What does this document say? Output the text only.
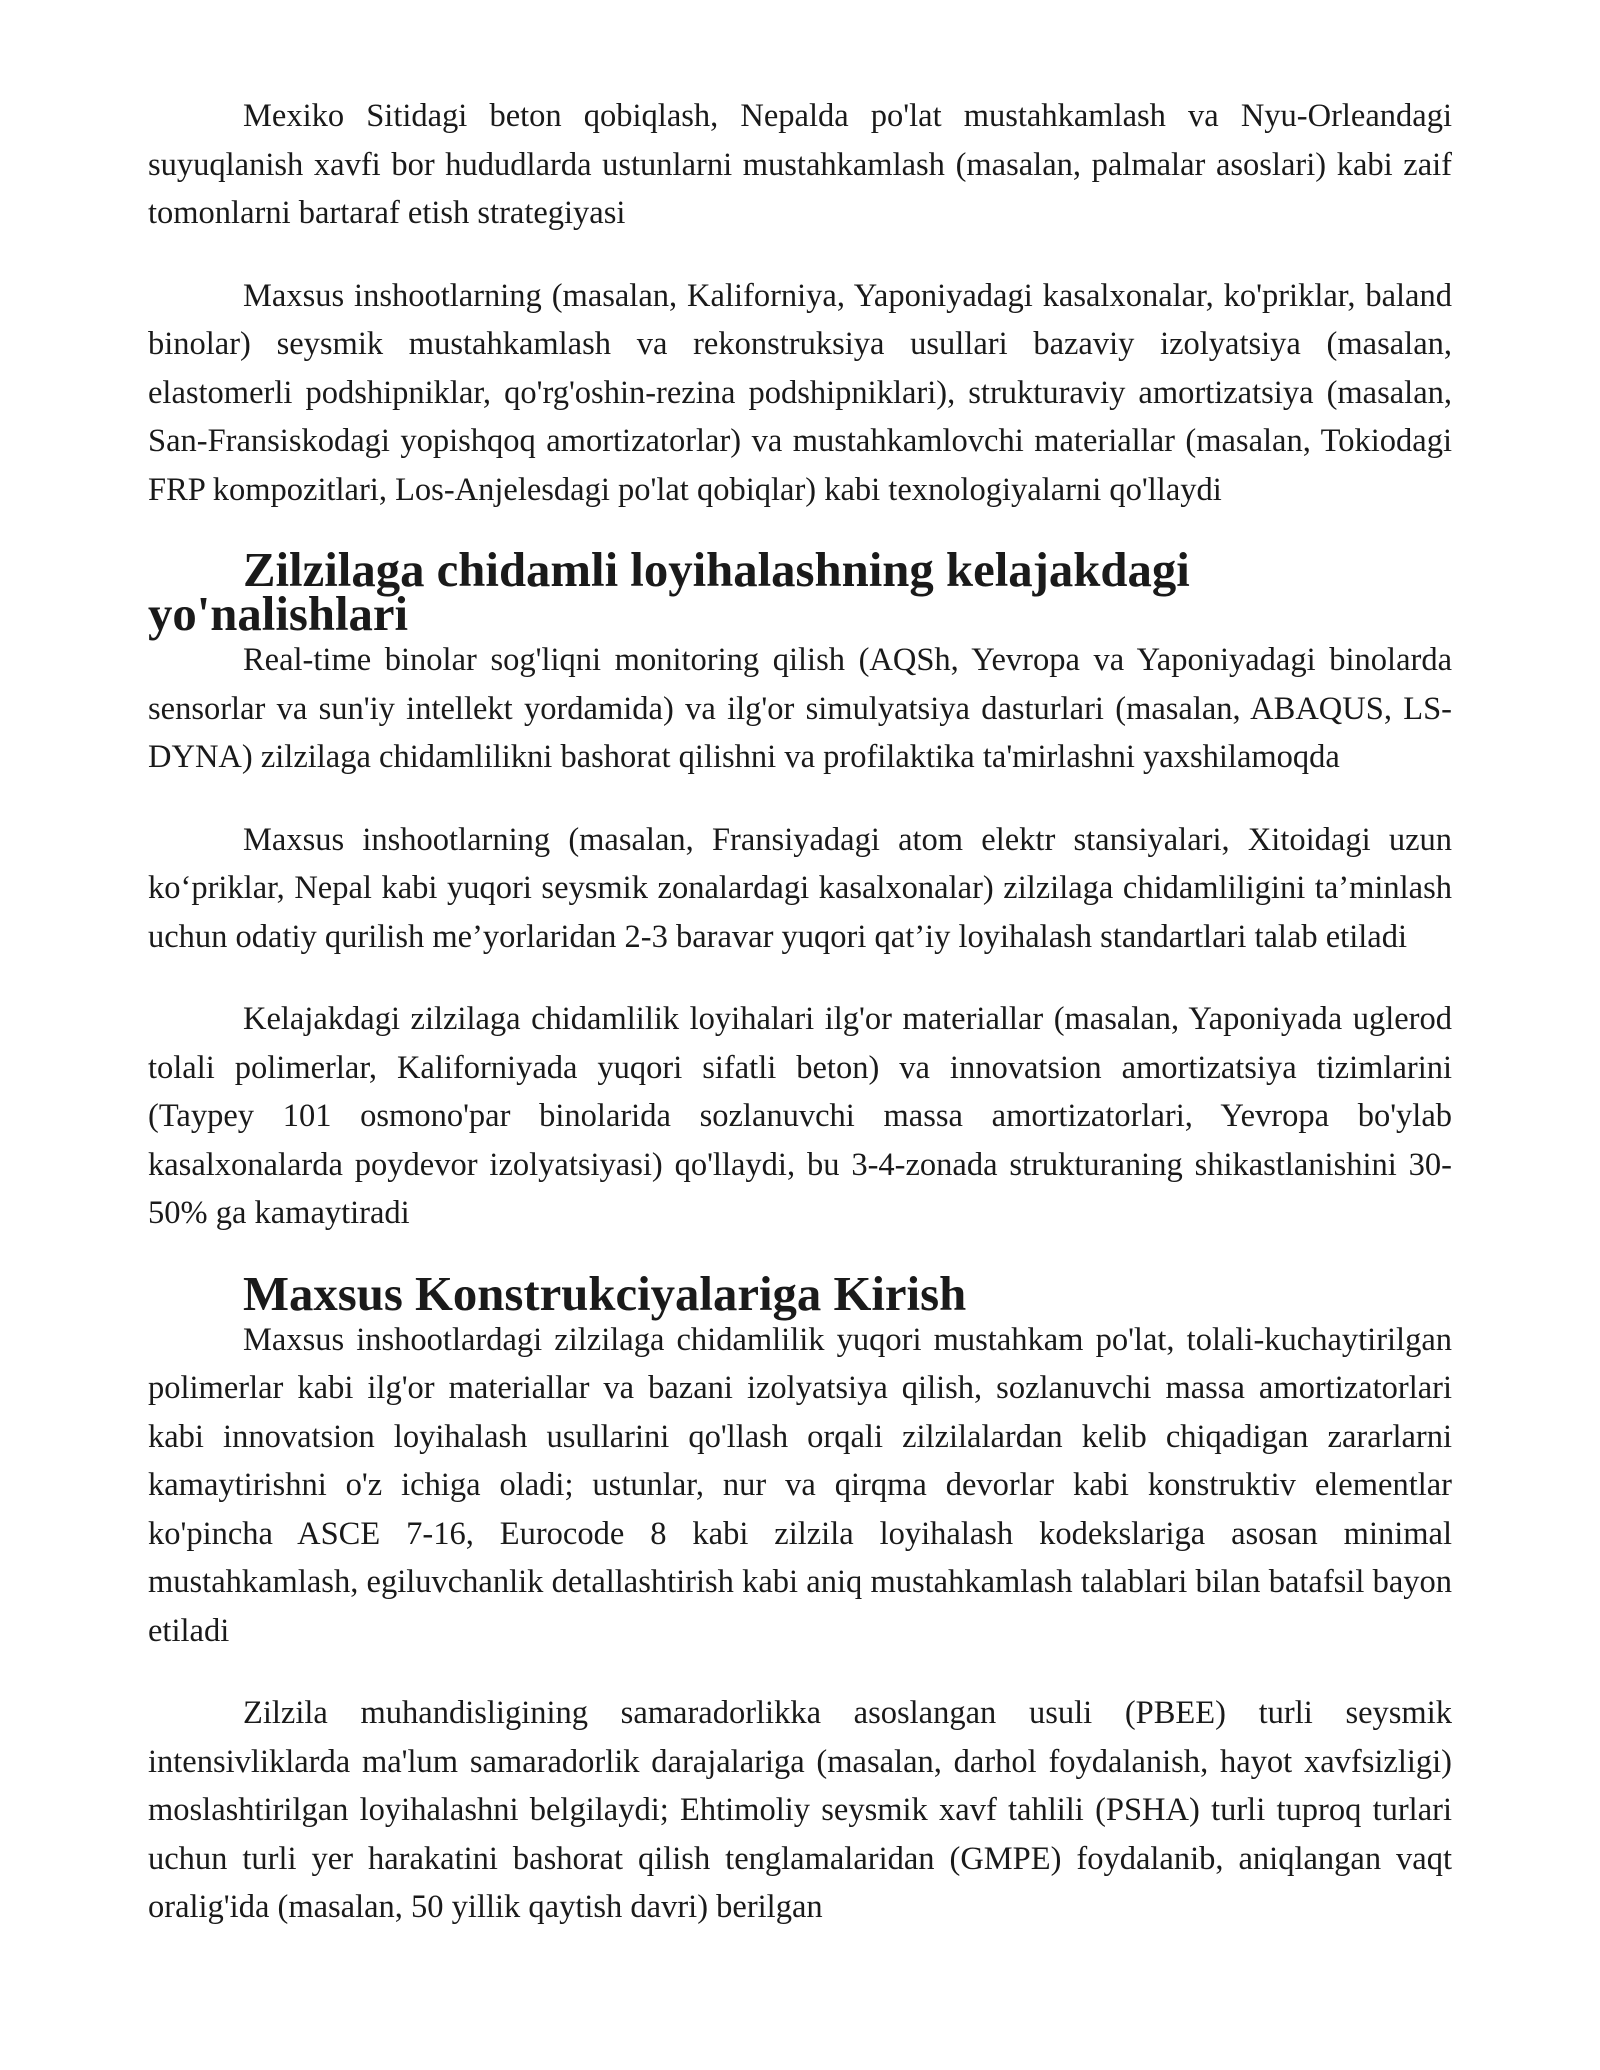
Mexiko Sitidagi beton qobiqlash, Nepalda po'lat mustahkamlash va Nyu-Orleandagi suyuqlanish xavfi bor hududlarda ustunlarni mustahkamlash (masalan, palmalar asoslari) kabi zaif tomonlarni bartaraf etish strategiyasi

Maxsus inshootlarning (masalan, Kaliforniya, Yaponiyadagi kasalxonalar, ko'priklar, baland binolar) seysmik mustahkamlash va rekonstruksiya usullari bazaviy izolyatsiya (masalan, elastomerli podshipniklar, qo'rg'oshin-rezina podshipniklari), strukturaviy amortizatsiya (masalan, San-Fransiskodagi yopishqoq amortizatorlar) va mustahkamlovchi materiallar (masalan, Tokiodagi FRP kompozitlari, Los-Anjelesdagi po'lat qobiqlar) kabi texnologiyalarni qo'llaydi

Zilzilaga chidamli loyihalashning kelajakdagi yo'nalishlari

Real-time binolar sog'liqni monitoring qilish (AQSh, Yevropa va Yaponiyadagi binolarda sensorlar va sun'iy intellekt yordamida) va ilg'or simulyatsiya dasturlari (masalan, ABAQUS, LS-DYNA) zilzilaga chidamlilikni bashorat qilishni va profilaktika ta'mirlashni yaxshilamoqda

Maxsus inshootlarning (masalan, Fransiyadagi atom elektr stansiyalari, Xitoidagi uzun ko‘priklar, Nepal kabi yuqori seysmik zonalardagi kasalxonalar) zilzilaga chidamliligini ta’minlash uchun odatiy qurilish me’yorlaridan 2-3 baravar yuqori qat’iy loyihalash standartlari talab etiladi

Kelajakdagi zilzilaga chidamlilik loyihalari ilg'or materiallar (masalan, Yaponiyada uglerod tolali polimerlar, Kaliforniyada yuqori sifatli beton) va innovatsion amortizatsiya tizimlarini (Taypey 101 osmono'par binolarida sozlanuvchi massa amortizatorlari, Yevropa bo'ylab kasalxonalarda poydevor izolyatsiyasi) qo'llaydi, bu 3-4-zonada strukturaning shikastlanishini 30-50% ga kamaytiradi

Maxsus Konstrukciyalariga Kirish

Maxsus inshootlardagi zilzilaga chidamlilik yuqori mustahkam po'lat, tolali-kuchaytirilgan polimerlar kabi ilg'or materiallar va bazani izolyatsiya qilish, sozlanuvchi massa amortizatorlari kabi innovatsion loyihalash usullarini qo'llash orqali zilzilalardan kelib chiqadigan zararlarni kamaytirishni o'z ichiga oladi; ustunlar, nur va qirqma devorlar kabi konstruktiv elementlar ko'pincha ASCE 7-16, Eurocode 8 kabi zilzila loyihalash kodekslariga asosan minimal mustahkamlash, egiluvchanlik detallashtirish kabi aniq mustahkamlash talablari bilan batafsil bayon etiladi

Zilzila muhandisligining samaradorlikka asoslangan usuli (PBEE) turli seysmik intensivliklarda ma'lum samaradorlik darajalariga (masalan, darhol foydalanish, hayot xavfsizligi) moslashtirilgan loyihalashni belgilaydi; Ehtimoliy seysmik xavf tahlili (PSHA) turli tuproq turlari uchun turli yer harakatini bashorat qilish tenglamalaridan (GMPE) foydalanib, aniqlangan vaqt oralig'ida (masalan, 50 yillik qaytish davri) berilgan
